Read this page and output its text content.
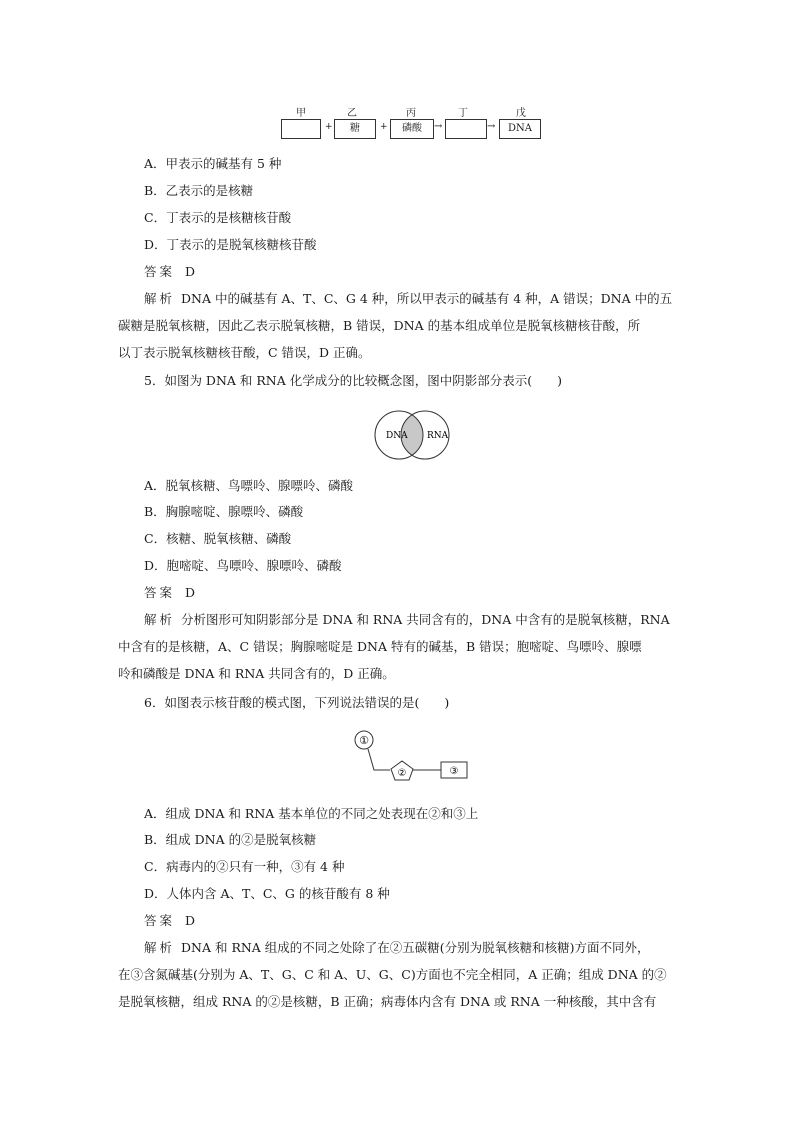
甲	乙	丙	丁	戊
+	糖	+	磷酸	→	→	DNA
A．甲表示的碱基有 5 种
B．乙表示的是核糖
C．丁表示的是核糖核苷酸
D．丁表示的是脱氧核糖核苷酸
答案 D
解析 DNA 中的碱基有 A、T、C、G 4 种，所以甲表示的碱基有 4 种，A 错误；DNA 中的五
碳糖是脱氧核糖，因此乙表示脱氧核糖，B 错误，DNA 的基本组成单位是脱氧核糖核苷酸，所
以丁表示脱氧核糖核苷酸，C 错误，D 正确。
5．如图为 DNA 和 RNA 化学成分的比较概念图，图中阴影部分表示(　　)
DNA RNA
A．脱氧核糖、鸟嘌呤、腺嘌呤、磷酸
B．胸腺嘧啶、腺嘌呤、磷酸
C．核糖、脱氧核糖、磷酸
D．胞嘧啶、鸟嘌呤、腺嘌呤、磷酸
答案 D
解析 分析图形可知阴影部分是 DNA 和 RNA 共同含有的，DNA 中含有的是脱氧核糖，RNA
中含有的是核糖，A、C 错误；胸腺嘧啶是 DNA 特有的碱基，B 错误；胞嘧啶、鸟嘌呤、腺嘌
呤和磷酸是 DNA 和 RNA 共同含有的，D 正确。
6．如图表示核苷酸的模式图，下列说法错误的是(　　)
①
②	③
A．组成 DNA 和 RNA 基本单位的不同之处表现在②和③上
B．组成 DNA 的②是脱氧核糖
C．病毒内的②只有一种，③有 4 种
D．人体内含 A、T、C、G 的核苷酸有 8 种
答案 D
解析 DNA 和 RNA 组成的不同之处除了在②五碳糖(分别为脱氧核糖和核糖)方面不同外，
在③含氮碱基(分别为 A、T、G、C 和 A、U、G、C)方面也不完全相同，A 正确；组成 DNA 的②
是脱氧核糖，组成 RNA 的②是核糖，B 正确；病毒体内含有 DNA 或 RNA 一种核酸，其中含有
